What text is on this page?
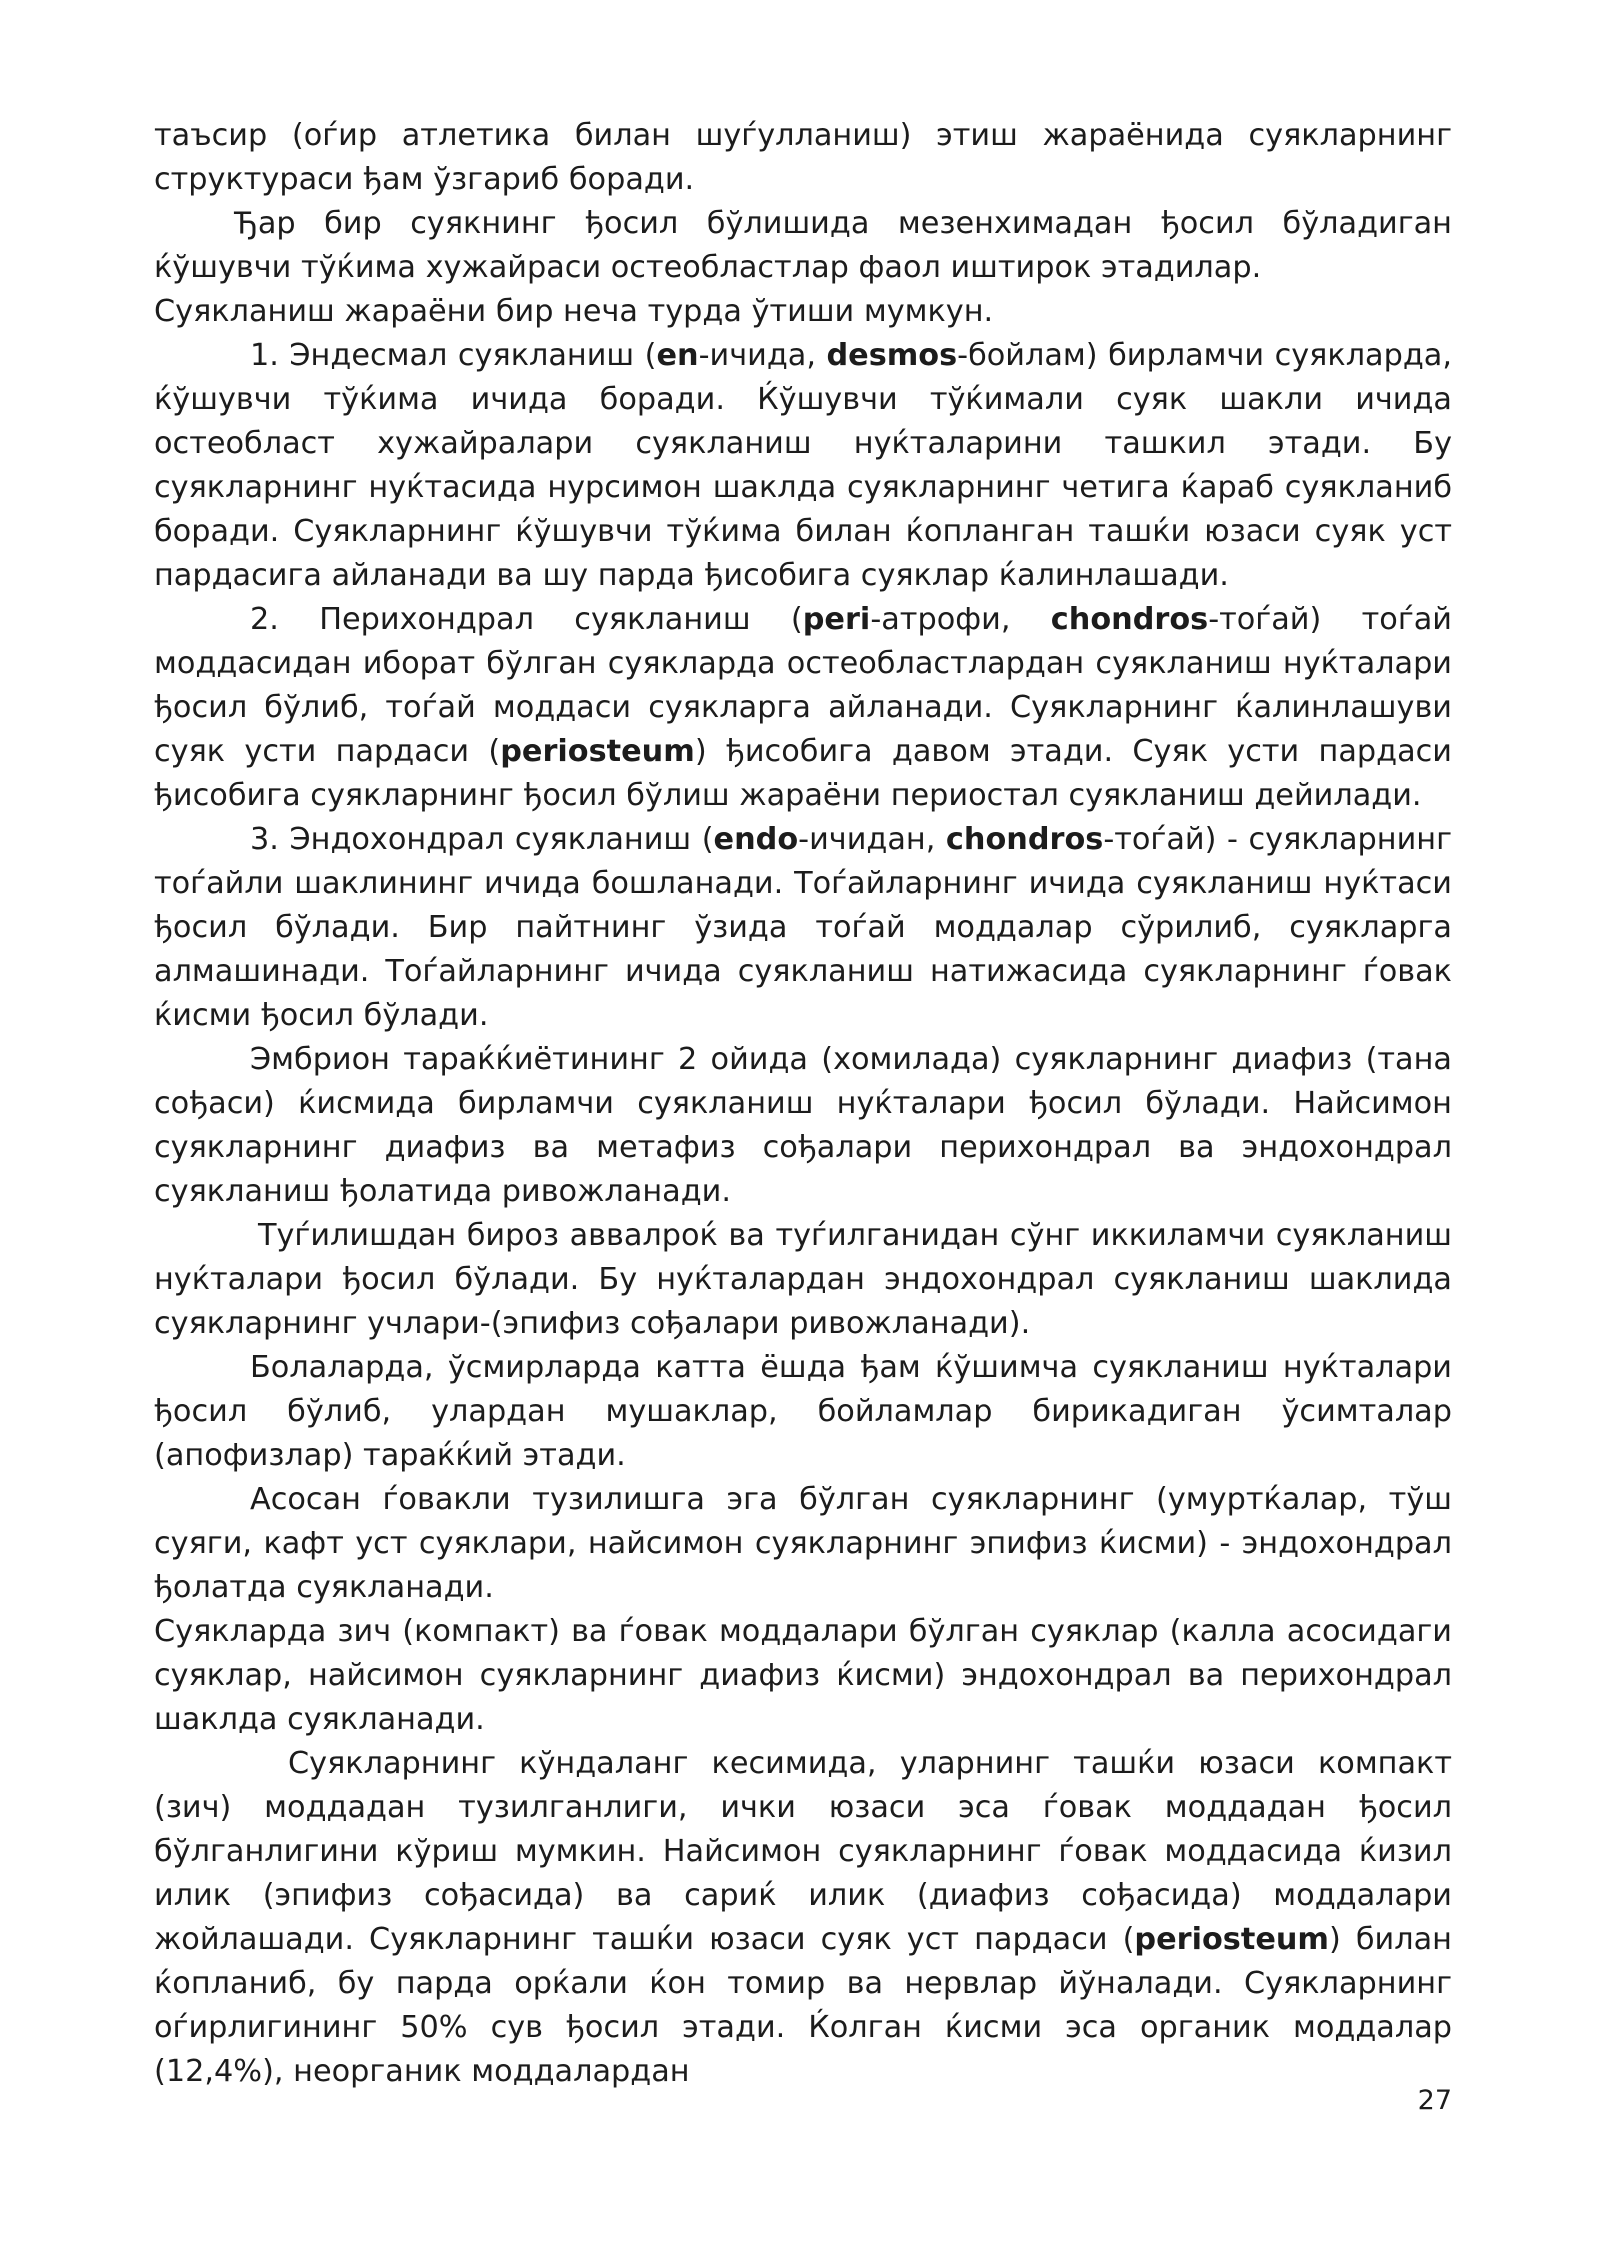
таъсир (оѓир атлетика билан шуѓулланиш) этиш жараёнида суякларнинг структураси ђам ўзгариб боради.

Ђар бир суякнинг ђосил бўлишида мезенхимадан ђосил бўладиган ќўшувчи тўќима хужайраси остеобластлар фаол иштирок этадилар.

Суякланиш жараёни бир неча турда ўтиши мумкун.

1. Эндесмал суякланиш (en-ичида, desmos-бойлам) бирламчи суякларда, ќўшувчи тўќима ичида боради. Ќўшувчи тўќимали суяк шакли ичида остеобласт хужайралари суякланиш нуќталарини ташкил этади. Бу суякларнинг нуќтасида нурсимон шаклда суякларнинг четига ќараб суякланиб боради. Суякларнинг ќўшувчи тўќима билан ќопланган ташќи юзаси суяк уст пардасига айланади ва шу парда ђисобига суяклар ќалинлашади.

2. Перихондрал суякланиш (peri-атрофи, chondros-тоѓай) тоѓай моддасидан иборат бўлган суякларда остеобластлардан суякланиш нуќталари ђосил бўлиб, тоѓай моддаси суякларга айланади. Суякларнинг ќалинлашуви суяк усти пардаси (periosteum) ђисобига давом этади. Суяк усти пардаси ђисобига суякларнинг ђосил бўлиш жараёни периостал суякланиш дейилади.

3. Эндохондрал суякланиш (endo-ичидан, chondros-тоѓай) - суякларнинг тоѓайли шаклининг ичида бошланади. Тоѓайларнинг ичида суякланиш нуќтаси ђосил бўлади. Бир пайтнинг ўзида тоѓай моддалар сўрилиб, суякларга алмашинади. Тоѓайларнинг ичида суякланиш натижасида суякларнинг ѓовак ќисми ђосил бўлади.

Эмбрион тараќќиётининг 2 ойида (хомилада) суякларнинг диафиз (тана сођаси) ќисмида бирламчи суякланиш нуќталари ђосил бўлади. Найсимон суякларнинг диафиз ва метафиз сођалари перихондрал ва эндохондрал суякланиш ђолатида ривожланади.

Туѓилишдан бироз аввалроќ ва туѓилганидан сўнг иккиламчи суякланиш нуќталари ђосил бўлади. Бу нуќталардан эндохондрал суякланиш шаклида суякларнинг учлари-(эпифиз сођалари ривожланади).

Болаларда, ўсмирларда катта ёшда ђам ќўшимча суякланиш нуќталари ђосил бўлиб, улардан мушаклар, бойламлар бирикадиган ўсимталар (апофизлар) тараќќий этади.

Асосан ѓовакли тузилишга эга бўлган суякларнинг (умуртќалар, тўш суяги, кафт уст суяклари, найсимон суякларнинг эпифиз ќисми) - эндохондрал ђолатда суякланади.

Суякларда зич (компакт) ва ѓовак моддалари бўлган суяклар (калла асосидаги суяклар, найсимон суякларнинг диафиз ќисми) эндохондрал ва перихондрал шаклда суякланади.

Суякларнинг кўндаланг кесимида, уларнинг ташќи юзаси компакт (зич) моддадан тузилганлиги, ички юзаси эса ѓовак моддадан ђосил бўлганлигини кўриш мумкин. Найсимон суякларнинг ѓовак моддасида ќизил илик (эпифиз сођасида) ва сариќ илик (диафиз сођасида) моддалари жойлашади. Суякларнинг ташќи юзаси суяк уст пардаси (periosteum) билан ќопланиб, бу парда орќали ќон томир ва нервлар йўналади. Суякларнинг оѓирлигининг 50% сув ђосил этади. Ќолган ќисми эса органик моддалар (12,4%), неорганик моддалардан

27
